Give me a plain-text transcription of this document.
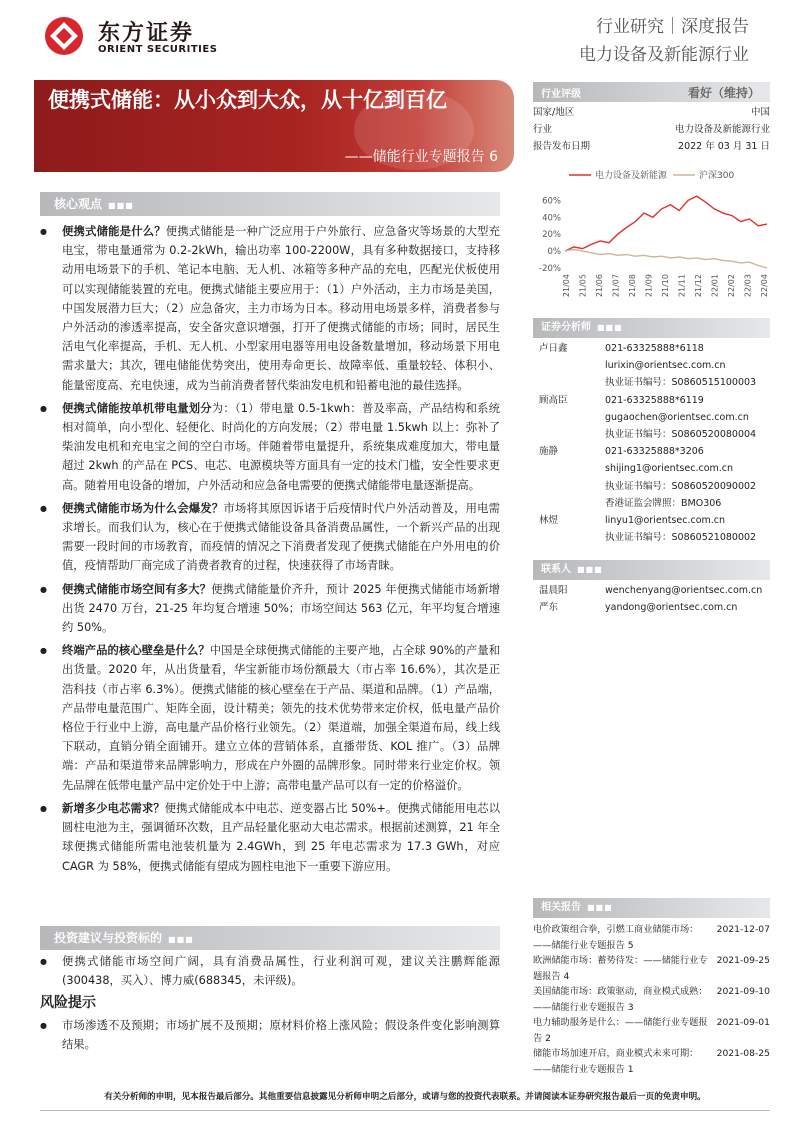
东方证券
ORIENT SECURITIES
行业研究｜深度报告
电力设备及新能源行业
便携式储能：从小众到大众，从十亿到百亿
——储能行业专题报告 6
核心观点 ■■■
● 便携式储能是什么？便携式储能是一种广泛应用于户外旅行、应急备灾等场景的大型充电宝，带电量通常为 0.2-2kWh，输出功率 100-2200W，具有多种数据接口，支持移动用电场景下的手机、笔记本电脑、无人机、冰箱等多种产品的充电，匹配光伏板使用可以实现储能装置的充电。便携式储能主要应用于：（1）户外活动，主力市场是美国，中国发展潜力巨大；（2）应急备灾，主力市场为日本。移动用电场景多样，消费者参与户外活动的渗透率提高，安全备灾意识增强，打开了便携式储能的市场；同时，居民生活电气化率提高，手机、无人机、小型家用电器等用电设备数量增加，移动场景下用电需求量大；其次，锂电储能优势突出，使用寿命更长、故障率低、重量较轻、体积小、能量密度高、充电快速，成为当前消费者替代柴油发电机和铅蓄电池的最佳选择。
● 便携式储能按单机带电量划分为：（1）带电量 0.5-1kwh：普及率高，产品结构和系统相对简单，向小型化、轻便化、时尚化的方向发展；（2）带电量 1.5kwh 以上：弥补了柴油发电机和充电宝之间的空白市场。伴随着带电量提升，系统集成难度加大，带电量超过 2kwh 的产品在 PCS、电芯、电源模块等方面具有一定的技术门槛，安全性要求更高。随着用电设备的增加，户外活动和应急备电需要的便携式储能带电量逐渐提高。
● 便携式储能市场为什么会爆发？市场将其原因诉诸于后疫情时代户外活动普及，用电需求增长。而我们认为，核心在于便携式储能设备具备消费品属性，一个新兴产品的出现需要一段时间的市场教育，而疫情的情况之下消费者发现了便携式储能在户外用电的价值，疫情帮助厂商完成了消费者教育的过程，快速获得了市场青睐。
● 便携式储能市场空间有多大？便携式储能量价齐升，预计 2025 年便携式储能市场新增出货 2470 万台，21-25 年均复合增速 50%；市场空间达 563 亿元，年平均复合增速约 50%。
● 终端产品的核心壁垒是什么？中国是全球便携式储能的主要产地，占全球 90%的产量和出货量。2020 年，从出货量看，华宝新能市场份额最大（市占率 16.6%），其次是正浩科技（市占率 6.3%）。便携式储能的核心壁垒在于产品、渠道和品牌。（1）产品端，产品带电量范围广、矩阵全面，设计精美；领先的技术优势带来定价权，低电量产品价格位于行业中上游，高电量产品价格行业领先。（2）渠道端，加强全渠道布局，线上线下联动，直销分销全面铺开。建立立体的营销体系，直播带货、KOL 推广。（3）品牌端：产品和渠道带来品牌影响力，形成在户外圈的品牌形象。同时带来行业定价权。领先品牌在低带电量产品中定价处于中上游；高带电量产品可以有一定的价格溢价。
● 新增多少电芯需求？便携式储能成本中电芯、逆变器占比 50%+。便携式储能用电芯以圆柱电池为主，强调循环次数，且产品轻量化驱动大电芯需求。根据前述测算，21 年全球便携式储能所需电池装机量为 2.4GWh，到 25 年电芯需求为 17.3 GWh，对应 CAGR 为 58%，便携式储能有望成为圆柱电池下一重要下游应用。
投资建议与投资标的 ■■■
● 便携式储能市场空间广阔，具有消费品属性，行业利润可观，建议关注鹏辉能源(300438，买入）、博力威(688345，未评级)。
风险提示
● 市场渗透不及预期；市场扩展不及预期；原材料价格上涨风险；假设条件变化影响测算结果。
行业评级	看好（维持）
国家/地区	中国
行业	电力设备及新能源行业
报告发布日期	2022 年 03 月 31 日
电力设备及新能源	沪深300
60%
40%
20%
0%
-20%
21/04 21/05 21/06 21/07 21/08 21/09 21/10 21/11 21/12 22/01 22/02 22/03 22/04
证券分析师 ■■■
卢日鑫	021-63325888*6118
lurixin@orientsec.com.cn
执业证书编号：S0860515100003
顾高臣	021-63325888*6119
gugaochen@orientsec.com.cn
执业证书编号：S0860520080004
施静	021-63325888*3206
shijing1@orientsec.com.cn
执业证书编号：S0860520090002
香港证监会牌照：BMO306
林煜	linyu1@orientsec.com.cn
执业证书编号：S0860521080002
联系人 ■■■
温晨阳	wenchenyang@orientsec.com.cn
严东	yandong@orientsec.com.cn
相关报告 ■■■
电价政策组合拳，引燃工商业储能市场：——储能行业专题报告 5
2021-12-07
欧洲储能市场：蓄势待发：——储能行业专题报告 4
2021-09-25
美国储能市场：政策驱动，商业模式成熟：——储能行业专题报告 3
2021-09-10
电力辅助服务是什么：——储能行业专题报告 2
2021-09-01
储能市场加速开启，商业模式未来可期：——储能行业专题报告 1
2021-08-25
有关分析师的申明，见本报告最后部分。其他重要信息披露见分析师申明之后部分，或请与您的投资代表联系。并请阅读本证券研究报告最后一页的免责申明。
